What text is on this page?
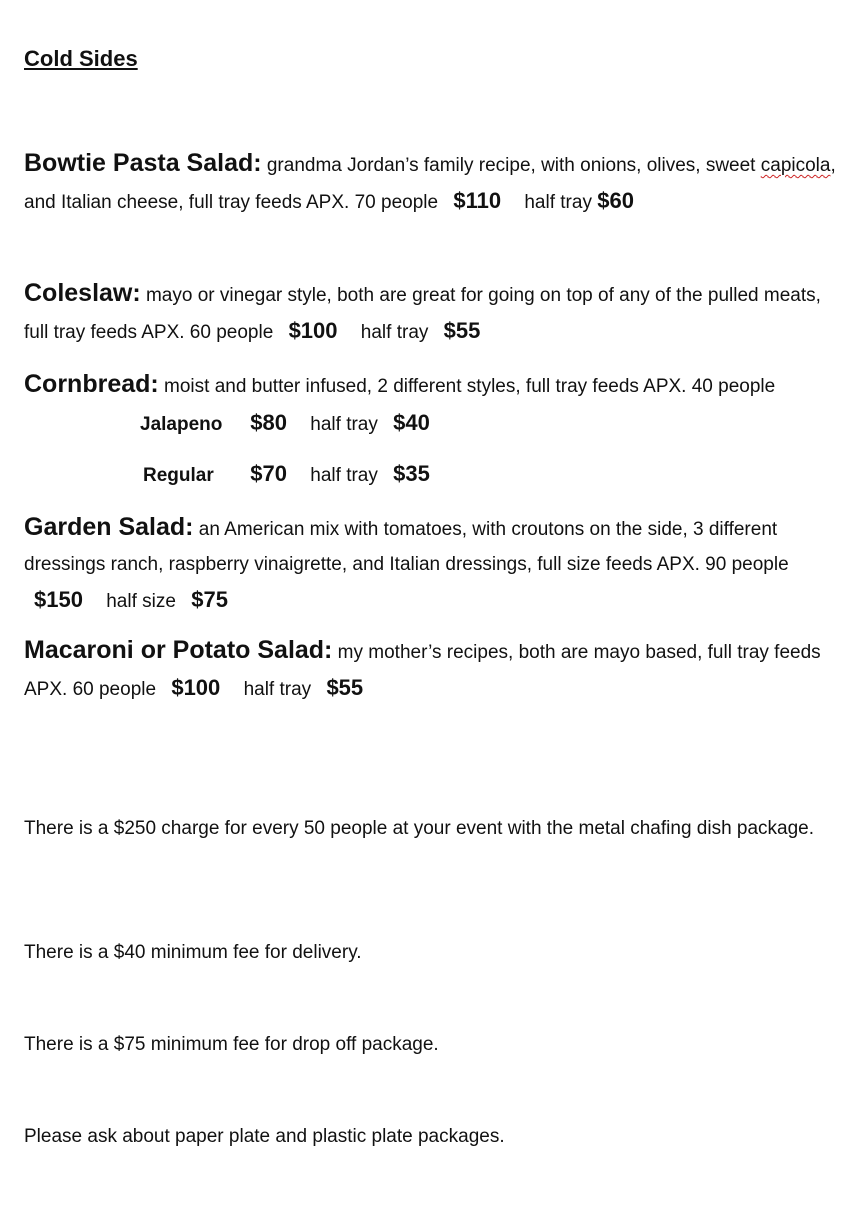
Cold Sides
Bowtie Pasta Salad: grandma Jordan’s family recipe, with onions, olives, sweet capicola, and Italian cheese, full tray feeds APX. 70 people $110 half tray $60
Coleslaw: mayo or vinegar style, both are great for going on top of any of the pulled meats, full tray feeds APX. 60 people $100 half tray $55
Cornbread: moist and butter infused, 2 different styles, full tray feeds APX. 40 people
Jalapeno $80 half tray $40
Regular $70 half tray $35
Garden Salad: an American mix with tomatoes, with croutons on the side, 3 different dressings ranch, raspberry vinaigrette, and Italian dressings, full size feeds APX. 90 people $150 half size $75
Macaroni or Potato Salad: my mother’s recipes, both are mayo based, full tray feeds APX. 60 people $100 half tray $55
There is a $250 charge for every 50 people at your event with the metal chafing dish package.
There is a $40 minimum fee for delivery.
There is a $75 minimum fee for drop off package.
Please ask about paper plate and plastic plate packages.
